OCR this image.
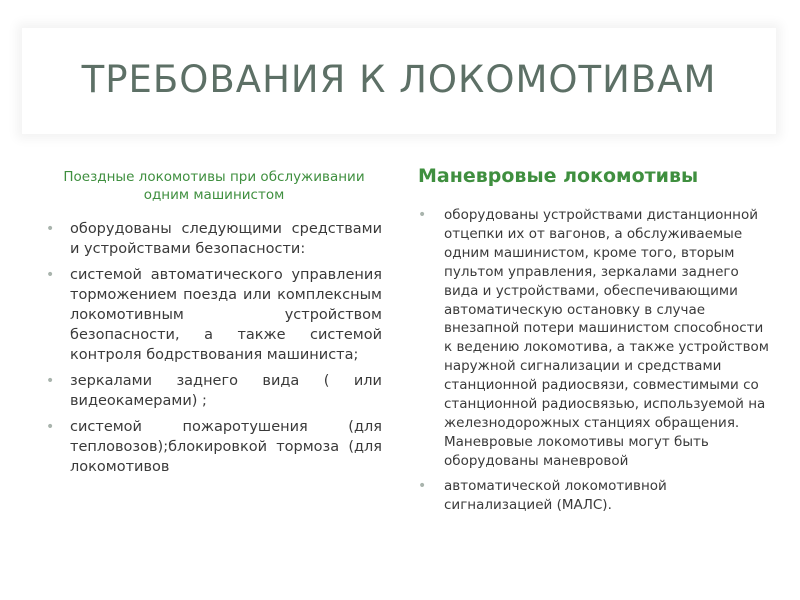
ТРЕБОВАНИЯ К ЛОКОМОТИВАМ
Поездные локомотивы при обслуживании одним машинистом
• оборудованы следующими средствами и устройствами безопасности:
• системой автоматического управления торможением поезда или комплексным локомотивным устройством безопасности, а также системой контроля бодрствования машиниста;
• зеркалами заднего вида ( или видеокамерами) ;
• системой пожаротушения (для тепловозов);блокировкой тормоза (для локомотивов
Маневровые локомотивы
• оборудованы устройствами дистанционной отцепки их от вагонов, а обслуживаемые одним машинистом, кроме того, вторым пультом управления, зеркалами заднего вида и устройствами, обеспечивающими автоматическую остановку в случае внезапной потери машинистом способности к ведению локомотива, а также устройством наружной сигнализации и средствами станционной радиосвязи, совместимыми со станционной радиосвязью, используемой на железнодорожных станциях обращения. Маневровые локомотивы могут быть оборудованы маневровой
• автоматической локомотивной сигнализацией (МАЛС).
